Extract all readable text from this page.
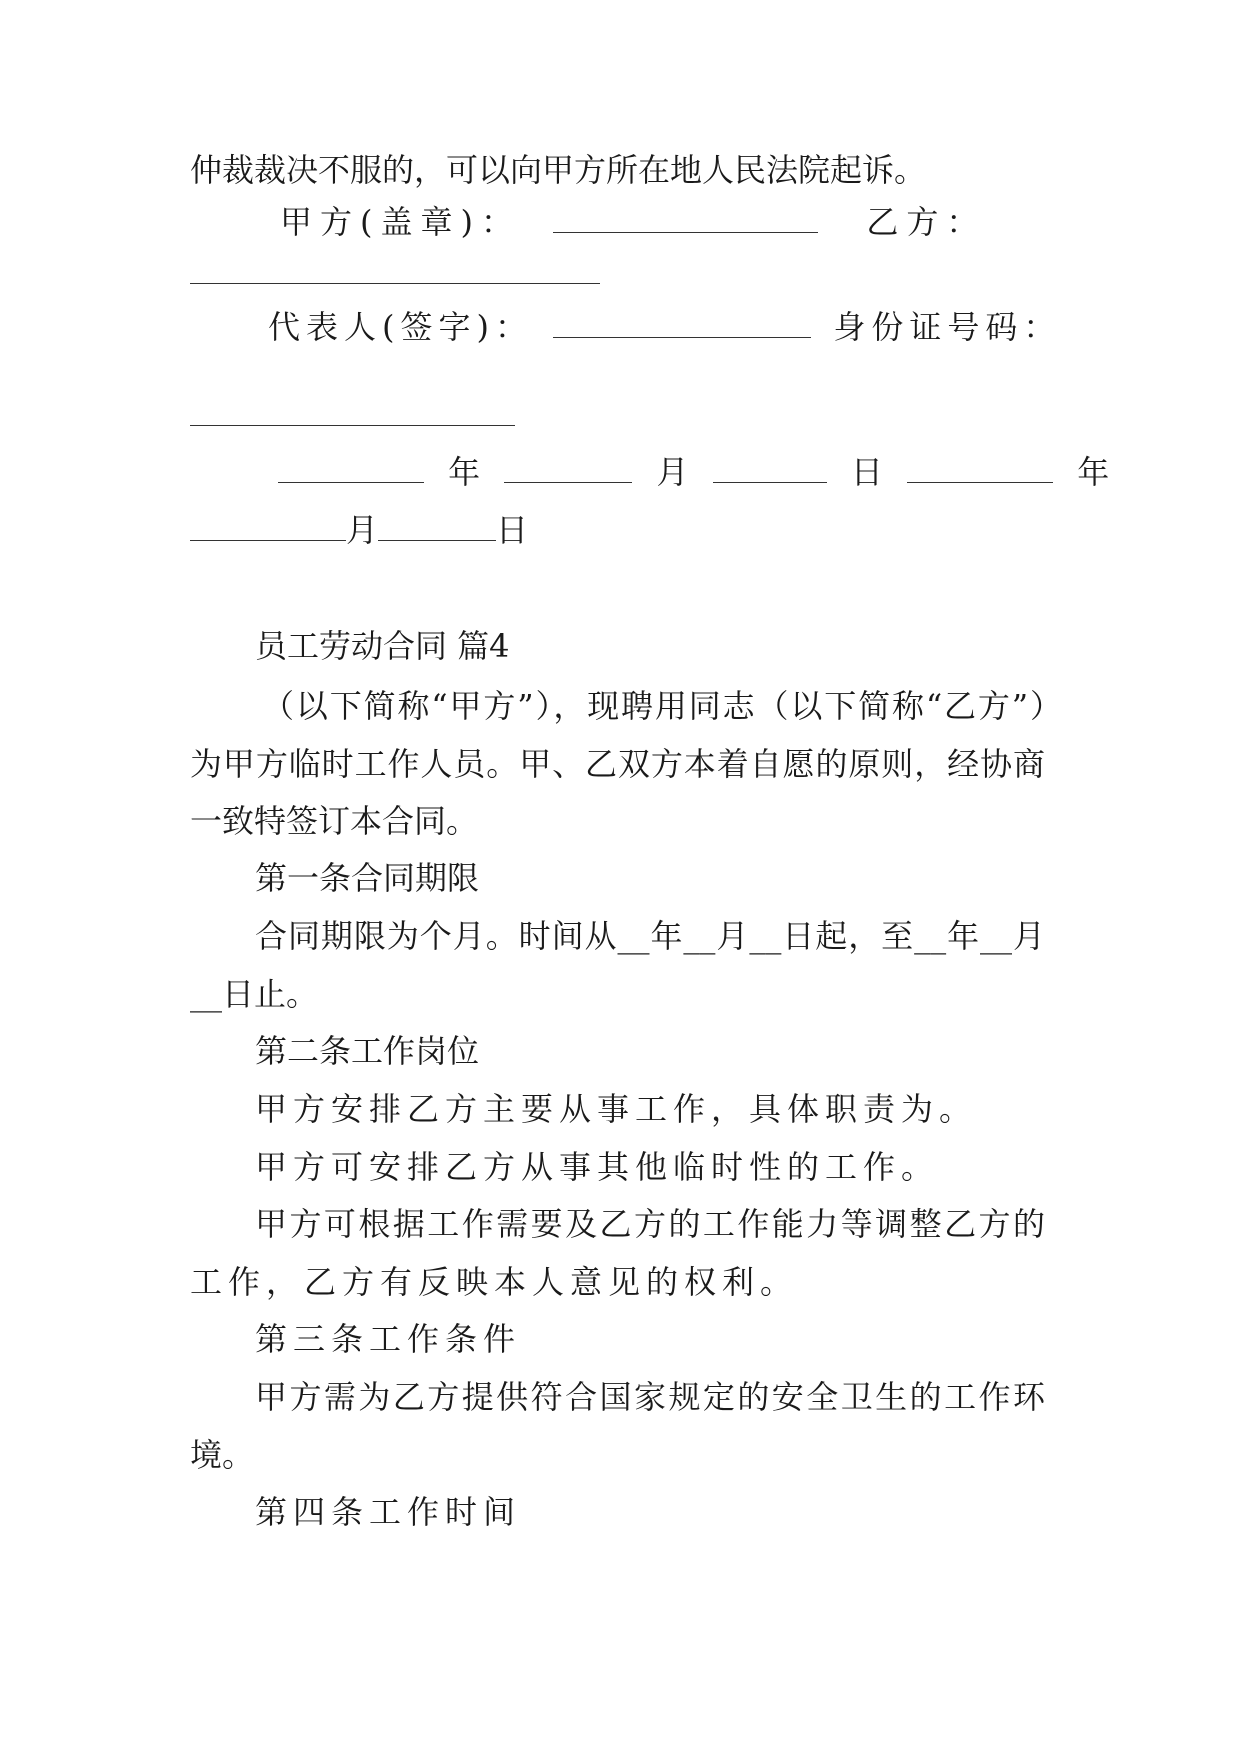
仲裁裁决不服的，可以向甲方所在地人民法院起诉。
甲方(盖章)：	乙方：
代表人(签字)：	身份证号码：
年	月	日	年
月	日
员工劳动合同 篇4
（以下简称“甲方”），现聘用同志（以下简称“乙方”）
为甲方临时工作人员。甲、乙双方本着自愿的原则，经协商
一致特签订本合同。
第一条合同期限
合同期限为个月。时间从__年__月__日起，至__年__月
__日止。
第二条工作岗位
甲方安排乙方主要从事工作，具体职责为。
甲方可安排乙方从事其他临时性的工作。
甲方可根据工作需要及乙方的工作能力等调整乙方的
工作，乙方有反映本人意见的权利。
第三条工作条件
甲方需为乙方提供符合国家规定的安全卫生的工作环
境。
第四条工作时间
